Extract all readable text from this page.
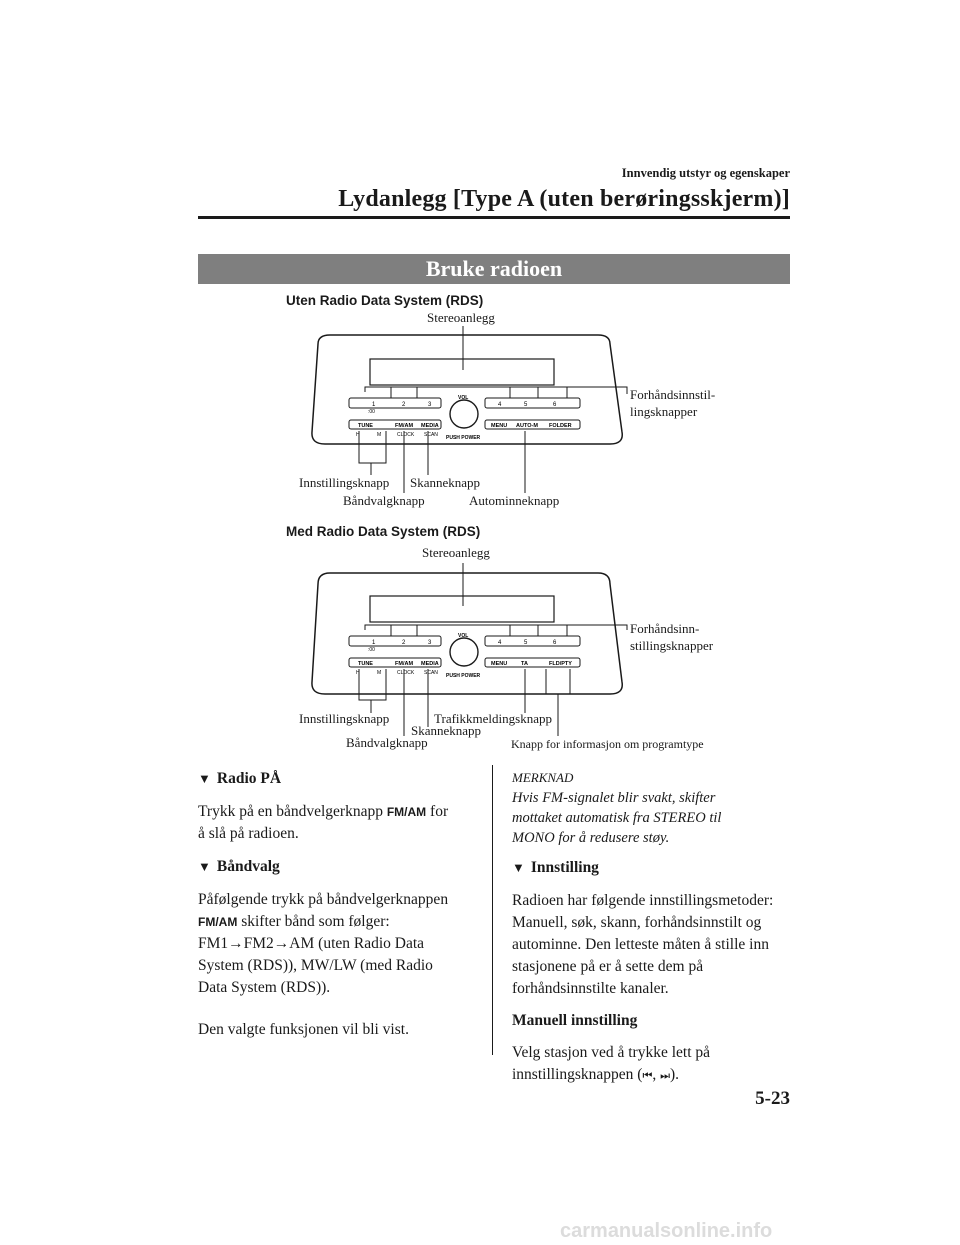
Innvendig utstyr og egenskaper
Lydanlegg [Type A (uten berøringsskjerm)]
Bruke radioen
Uten Radio Data System (RDS)
Stereoanlegg
Forhåndsinnstil-
lingsknapper
Innstillingsknapp Skanneknapp
Båndvalgknapp	Autominneknapp
1	2	3	4	5	6
:00
TUNE	FM/AM MEDIA	MENU AUTO-M FOLDER
H	M	CLOCK SCAN
VOL
PUSH POWER
1	2	3	4	5	6
:00
TUNE	FM/AM MEDIA	MENU	TA	FLD/PTY
H	M	CLOCK SCAN
VOL
PUSH POWER
Med Radio Data System (RDS)
Stereoanlegg
Forhåndsinn-
stillingsknapper
Innstillingsknapp	Trafikkmeldingsknapp
Skanneknapp
Båndvalgknapp	Knapp for informasjon om programtype
▼ Radio PÅ
Trykk på en båndvelgerknapp FM/AM for
å slå på radioen.
▼ Båndvalg
Påfølgende trykk på båndvelgerknappen
FM/AM skifter bånd som følger:
FM1→FM2→AM (uten Radio Data
System (RDS)), MW/LW (med Radio
Data System (RDS)).
Den valgte funksjonen vil bli vist.
MERKNAD
Hvis FM-signalet blir svakt, skifter
mottaket automatisk fra STEREO til
MONO for å redusere støy.
▼ Innstilling
Radioen har følgende innstillingsmetoder:
Manuell, søk, skann, forhåndsinnstilt og
autominne. Den letteste måten å stille inn
stasjonene på er å sette dem på
forhåndsinnstilte kanaler.
Manuell innstilling
Velg stasjon ved å trykke lett på
innstillingsknappen (⏮, ⏭).
5-23
carmanualsonline.info
